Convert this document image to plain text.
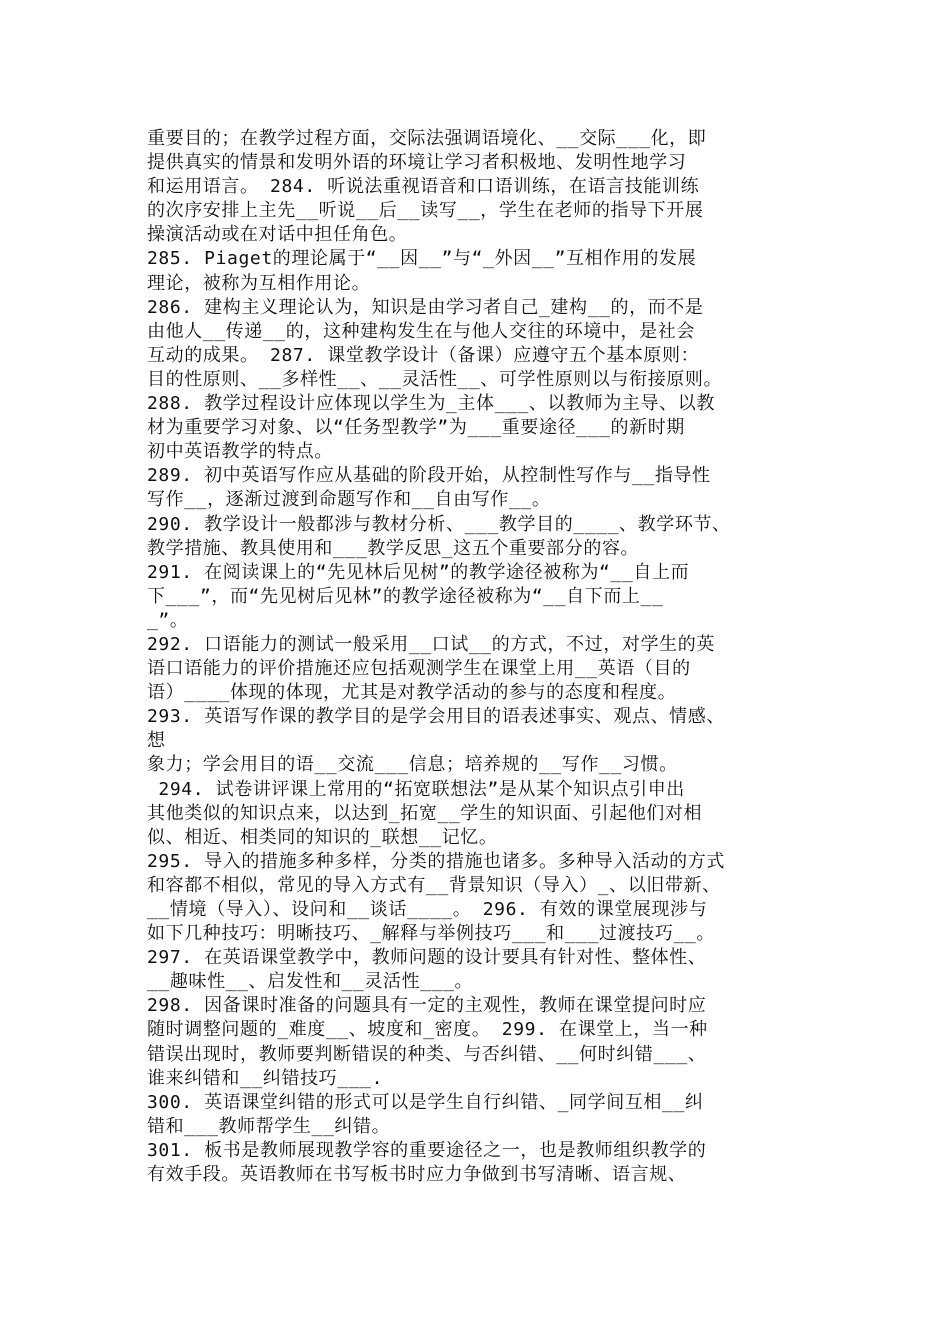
重要目的；在教学过程方面，交际法强调语境化、__交际___化，即
提供真实的情景和发明外语的环境让学习者积极地、发明性地学习
和运用语言。 284. 听说法重视语音和口语训练，在语言技能训练
的次序安排上主先__听说__后__读写__，学生在老师的指导下开展
操演活动或在对话中担任角色。
285. Piaget的理论属于“__因__”与“_外因__”互相作用的发展
理论，被称为互相作用论。
286. 建构主义理论认为，知识是由学习者自己_建构__的，而不是
由他人__传递__的，这种建构发生在与他人交往的环境中，是社会
互动的成果。 287. 课堂教学设计（备课）应遵守五个基本原则：
目的性原则、__多样性__、__灵活性__、可学性原则以与衔接原则。
288. 教学过程设计应体现以学生为_主体___、以教师为主导、以教
材为重要学习对象、以“任务型教学”为___重要途径___的新时期
初中英语教学的特点。
289. 初中英语写作应从基础的阶段开始，从控制性写作与__指导性
写作__，逐渐过渡到命题写作和__自由写作__。
290. 教学设计一般都涉与教材分析、___教学目的____、教学环节、
教学措施、教具使用和___教学反思_这五个重要部分的容。
291. 在阅读课上的“先见林后见树”的教学途径被称为“__自上而
下___”，而“先见树后见林”的教学途径被称为“__自下而上__
_”。
292. 口语能力的测试一般采用__口试__的方式，不过，对学生的英
语口语能力的评价措施还应包括观测学生在课堂上用__英语（目的
语）____体现的体现，尤其是对教学活动的参与的态度和程度。
293. 英语写作课的教学目的是学会用目的语表述事实、观点、情感、
想
象力；学会用目的语__交流___信息；培养规的__写作__习惯。
294. 试卷讲评课上常用的“拓宽联想法”是从某个知识点引申出
其他类似的知识点来，以达到_拓宽__学生的知识面、引起他们对相
似、相近、相类同的知识的_联想__记忆。
295. 导入的措施多种多样，分类的措施也诸多。多种导入活动的方式
和容都不相似，常见的导入方式有__背景知识（导入）_、以旧带新、
__情境（导入）、设问和__谈话____。 296. 有效的课堂展现涉与
如下几种技巧：明晰技巧、_解释与举例技巧___和___过渡技巧__。
297. 在英语课堂教学中，教师问题的设计要具有针对性、整体性、
__趣味性__、启发性和__灵活性___。
298. 因备课时准备的问题具有一定的主观性，教师在课堂提问时应
随时调整问题的_难度__、坡度和_密度。 299. 在课堂上，当一种
错误出现时，教师要判断错误的种类、与否纠错、__何时纠错___、
谁来纠错和__纠错技巧___.
300. 英语课堂纠错的形式可以是学生自行纠错、_同学间互相__纠
错和___教师帮学生__纠错。
301. 板书是教师展现教学容的重要途径之一，也是教师组织教学的
有效手段。英语教师在书写板书时应力争做到书写清晰、语言规、
